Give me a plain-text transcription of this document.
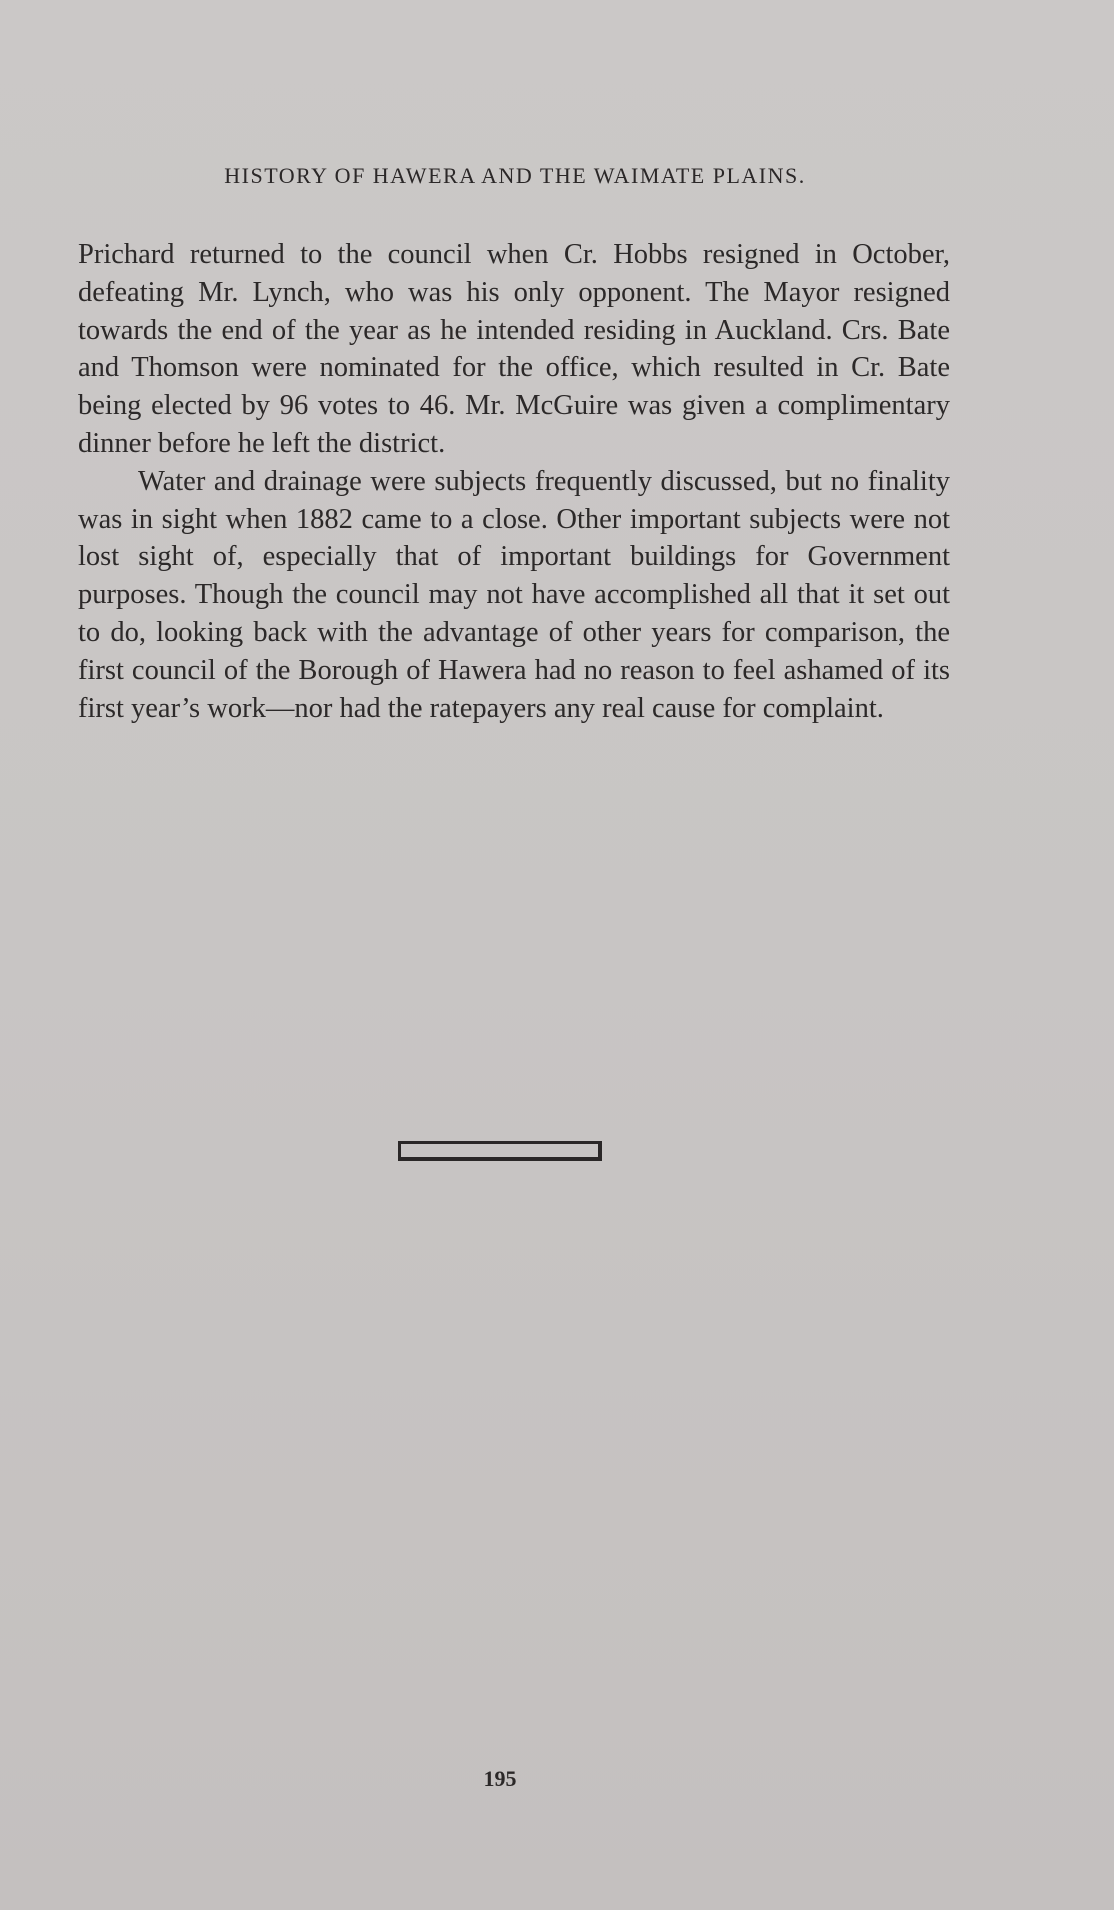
HISTORY OF HAWERA AND THE WAIMATE PLAINS.

Prichard returned to the council when Cr. Hobbs resigned in October, defeating Mr. Lynch, who was his only opponent. The Mayor resigned towards the end of the year as he intended residing in Auckland. Crs. Bate and Thomson were nominated for the office, which resulted in Cr. Bate being elected by 96 votes to 46. Mr. McGuire was given a complimentary dinner before he left the district.

Water and drainage were subjects frequently discussed, but no finality was in sight when 1882 came to a close. Other important subjects were not lost sight of, especially that of important buildings for Government purposes. Though the council may not have accomplished all that it set out to do, looking back with the advantage of other years for comparison, the first council of the Borough of Hawera had no reason to feel ashamed of its first year’s work—nor had the ratepayers any real cause for complaint.

195
